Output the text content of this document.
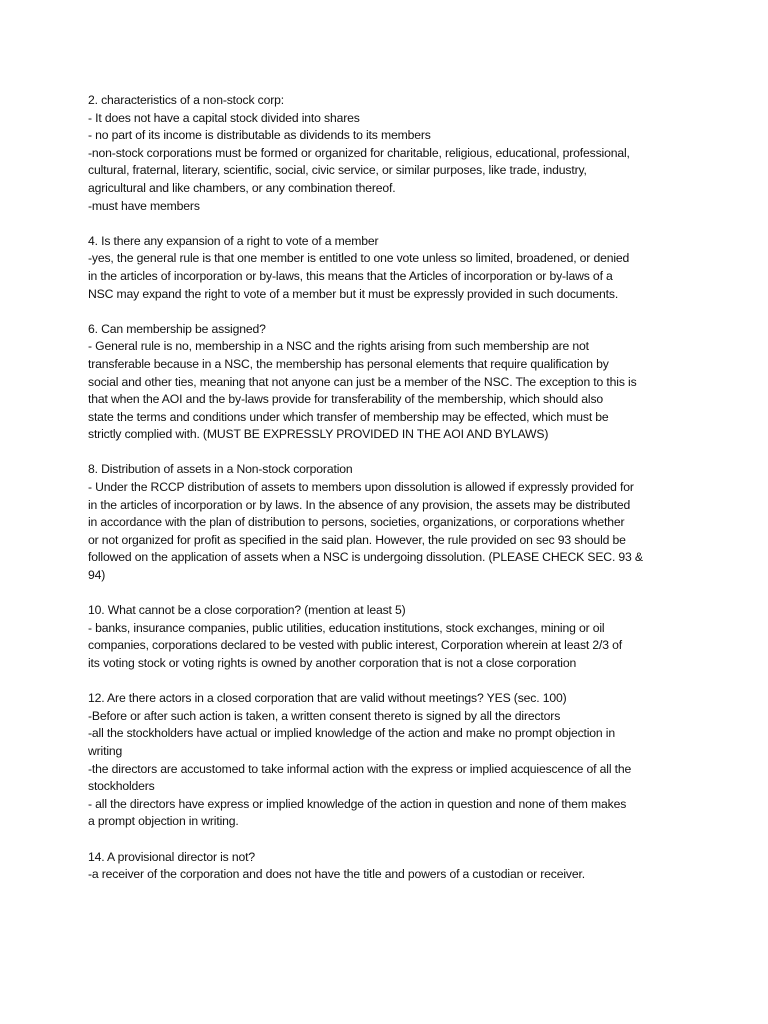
2. characteristics of a non-stock corp:
- It does not have a capital stock divided into shares
- no part of its income is distributable as dividends to its members
-non-stock corporations must be formed or organized for charitable, religious, educational, professional,
cultural, fraternal, literary, scientific, social, civic service, or similar purposes, like trade, industry,
agricultural and like chambers, or any combination thereof.
-must have members
4. Is there any expansion of a right to vote of a member
-yes, the general rule is that one member is entitled to one vote unless so limited, broadened, or denied
in the articles of incorporation or by-laws, this means that the Articles of incorporation or by-laws of a
NSC may expand the right to vote of a member but it must be expressly provided in such documents.
6. Can membership be assigned?
- General rule is no, membership in a NSC and the rights arising from such membership are not
transferable because in a NSC, the membership has personal elements that require qualification by
social and other ties, meaning that not anyone can just be a member of the NSC. The exception to this is
that when the AOI and the by-laws provide for transferability of the membership, which should also
state the terms and conditions under which transfer of membership may be effected, which must be
strictly complied with. (MUST BE EXPRESSLY PROVIDED IN THE AOI AND BYLAWS)
8. Distribution of assets in a Non-stock corporation
- Under the RCCP distribution of assets to members upon dissolution is allowed if expressly provided for
in the articles of incorporation or by laws. In the absence of any provision, the assets may be distributed
in accordance with the plan of distribution to persons, societies, organizations, or corporations whether
or not organized for profit as specified in the said plan. However, the rule provided on sec 93 should be
followed on the application of assets when a NSC is undergoing dissolution. (PLEASE CHECK SEC. 93 &
94)
10. What cannot be a close corporation? (mention at least 5)
- banks, insurance companies, public utilities, education institutions, stock exchanges, mining or oil
companies, corporations declared to be vested with public interest, Corporation wherein at least 2/3 of
its voting stock or voting rights is owned by another corporation that is not a close corporation
12. Are there actors in a closed corporation that are valid without meetings? YES (sec. 100)
-Before or after such action is taken, a written consent thereto is signed by all the directors
-all the stockholders have actual or implied knowledge of the action and make no prompt objection in
writing
-the directors are accustomed to take informal action with the express or implied acquiescence of all the
stockholders
- all the directors have express or implied knowledge of the action in question and none of them makes
a prompt objection in writing.
14. A provisional director is not?
-a receiver of the corporation and does not have the title and powers of a custodian or receiver.
